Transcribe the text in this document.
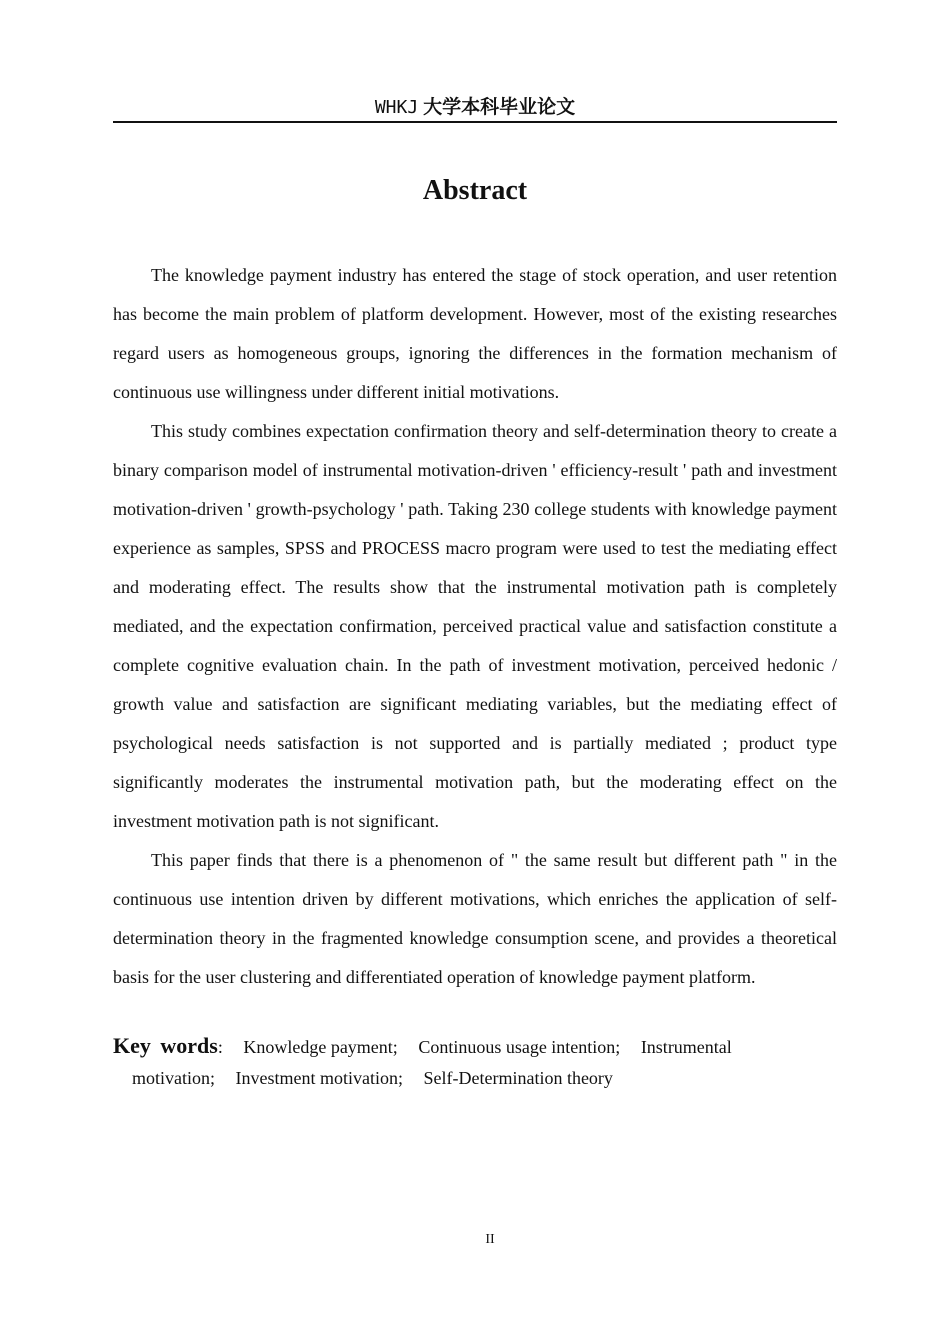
WHKJ 大学本科毕业论文
Abstract

The knowledge payment industry has entered the stage of stock operation, and user retention has become the main problem of platform development. However, most of the existing researches regard users as homogeneous groups, ignoring the differences in the formation mechanism of continuous use willingness under different initial motivations.

This study combines expectation confirmation theory and self-determination theory to create a binary comparison model of instrumental motivation-driven ' efficiency-result ' path and investment motivation-driven ' growth-psychology ' path. Taking 230 college students with knowledge payment experience as samples, SPSS and PROCESS macro program were used to test the mediating effect and moderating effect. The results show that the instrumental motivation path is completely mediated, and the expectation confirmation, perceived practical value and satisfaction constitute a complete cognitive evaluation chain. In the path of investment motivation, perceived hedonic / growth value and satisfaction are significant mediating variables, but the mediating effect of psychological needs satisfaction is not supported and is partially mediated ; product type significantly moderates the instrumental motivation path, but the moderating effect on the investment motivation path is not significant.

This paper finds that there is a phenomenon of " the same result but different path " in the continuous use intention driven by different motivations, which enriches the application of self-determination theory in the fragmented knowledge consumption scene, and provides a theoretical basis for the user clustering and differentiated operation of knowledge payment platform.

Key words: Knowledge payment; Continuous usage intention; Instrumental
motivation; Investment motivation; Self-Determination theory
II
